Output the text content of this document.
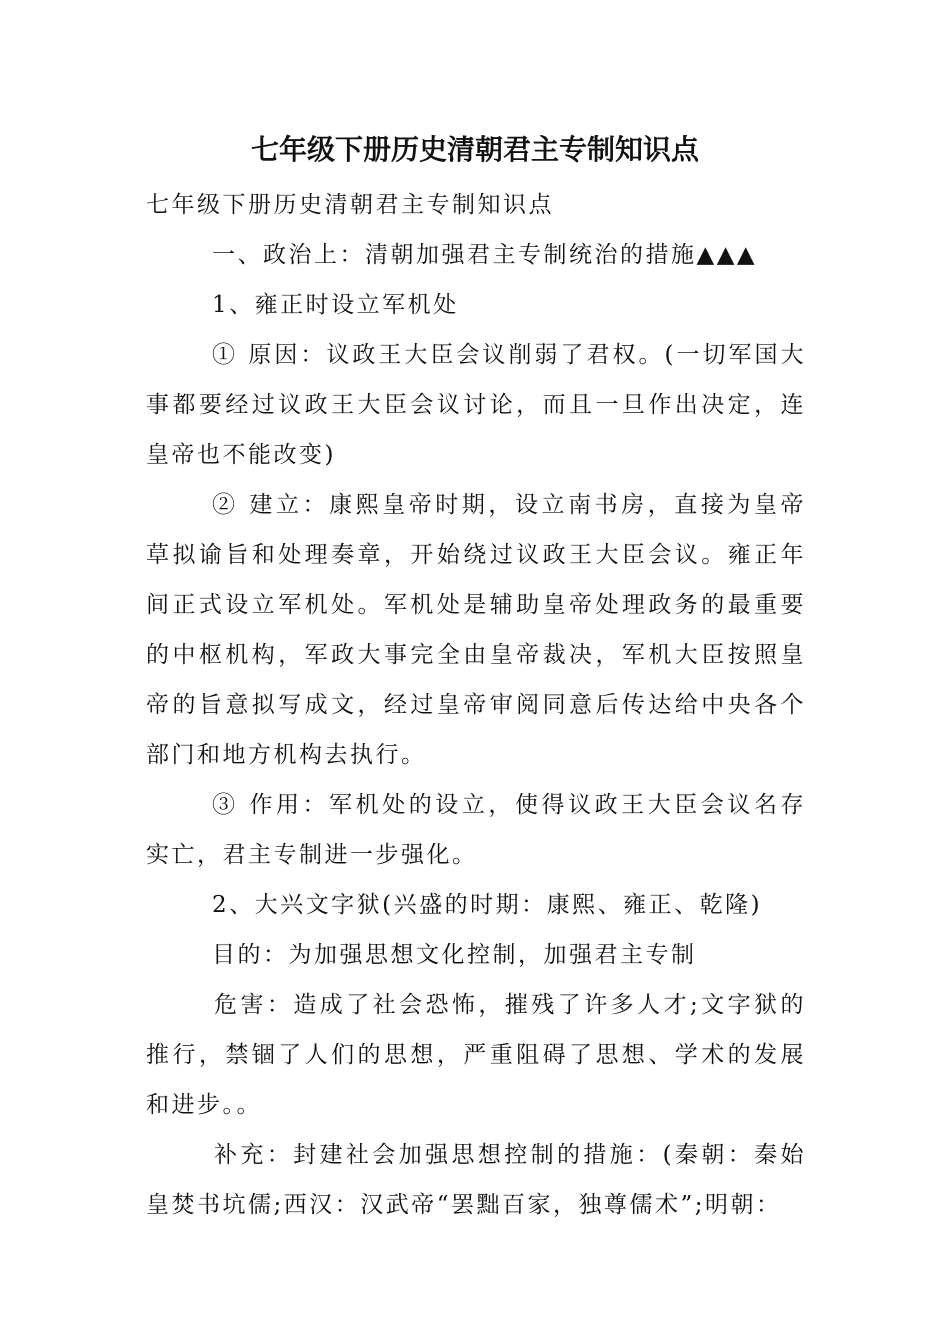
七年级下册历史清朝君主专制知识点

七年级下册历史清朝君主专制知识点

一、政治上：清朝加强君主专制统治的措施▲▲▲

1、雍正时设立军机处

① 原因：议政王大臣会议削弱了君权。(一切军国大事都要经过议政王大臣会议讨论，而且一旦作出决定，连皇帝也不能改变)

② 建立：康熙皇帝时期，设立南书房，直接为皇帝草拟谕旨和处理奏章，开始绕过议政王大臣会议。雍正年间正式设立军机处。军机处是辅助皇帝处理政务的最重要的中枢机构，军政大事完全由皇帝裁决，军机大臣按照皇帝的旨意拟写成文，经过皇帝审阅同意后传达给中央各个部门和地方机构去执行。

③ 作用：军机处的设立，使得议政王大臣会议名存实亡，君主专制进一步强化。

2、大兴文字狱(兴盛的时期：康熙、雍正、乾隆)

目的：为加强思想文化控制，加强君主专制

危害：造成了社会恐怖，摧残了许多人才;文字狱的推行，禁锢了人们的思想，严重阻碍了思想、学术的发展和进步。。

补充：封建社会加强思想控制的措施：(秦朝：秦始皇焚书坑儒;西汉：汉武帝“罢黜百家，独尊儒术”;明朝：
